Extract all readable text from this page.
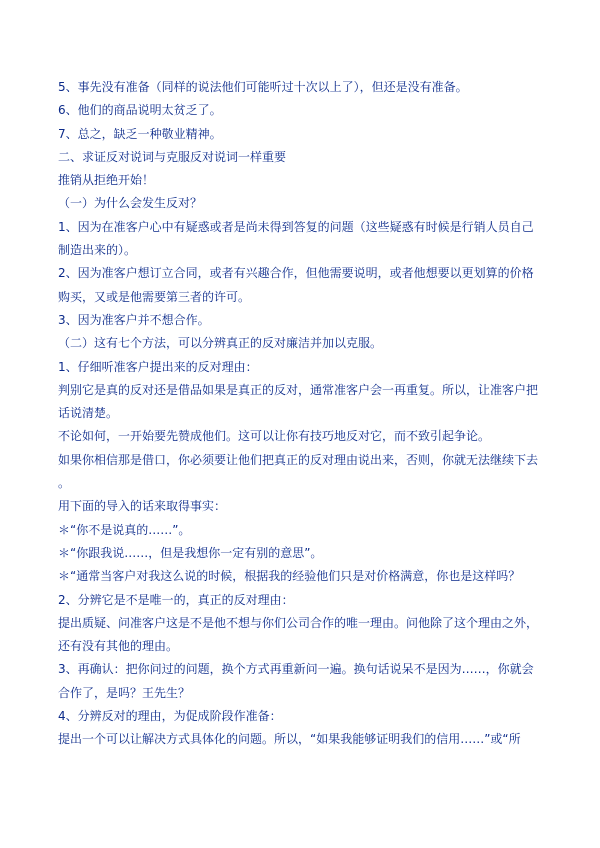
5、事先没有准备（同样的说法他们可能听过十次以上了），但还是没有准备。

6、他们的商品说明太贫乏了。

7、总之，缺乏一种敬业精神。

二、求证反对说词与克服反对说词一样重要

推销从拒绝开始！

（一）为什么会发生反对？

1、因为在准客户心中有疑惑或者是尚未得到答复的问题（这些疑惑有时候是行销人员自己

制造出来的）。

2、因为准客户想订立合同，或者有兴趣合作，但他需要说明，或者他想要以更划算的价格

购买，又或是他需要第三者的许可。

3、因为准客户并不想合作。

（二）这有七个方法，可以分辨真正的反对廉洁并加以克服。

1、仔细听准客户提出来的反对理由：

判别它是真的反对还是借品如果是真正的反对，通常准客户会一再重复。所以，让准客户把

话说清楚。

不论如何，一开始要先赞成他们。这可以让你有技巧地反对它，而不致引起争论。

如果你相信那是借口，你必须要让他们把真正的反对理由说出来，否则，你就无法继续下去

。

用下面的导入的话来取得事实：

＊“你不是说真的……”。

＊“你跟我说……，但是我想你一定有别的意思”。

＊“通常当客户对我这么说的时候，根据我的经验他们只是对价格满意，你也是这样吗？

2、分辨它是不是唯一的，真正的反对理由：

提出质疑、问准客户这是不是他不想与你们公司合作的唯一理由。问他除了这个理由之外，

还有没有其他的理由。

3、再确认：把你问过的问题，换个方式再重新问一遍。换句话说呆不是因为……，你就会

合作了，是吗？王先生？

4、分辨反对的理由，为促成阶段作准备：

提出一个可以让解决方式具体化的问题。所以，“如果我能够证明我们的信用……”或“所
